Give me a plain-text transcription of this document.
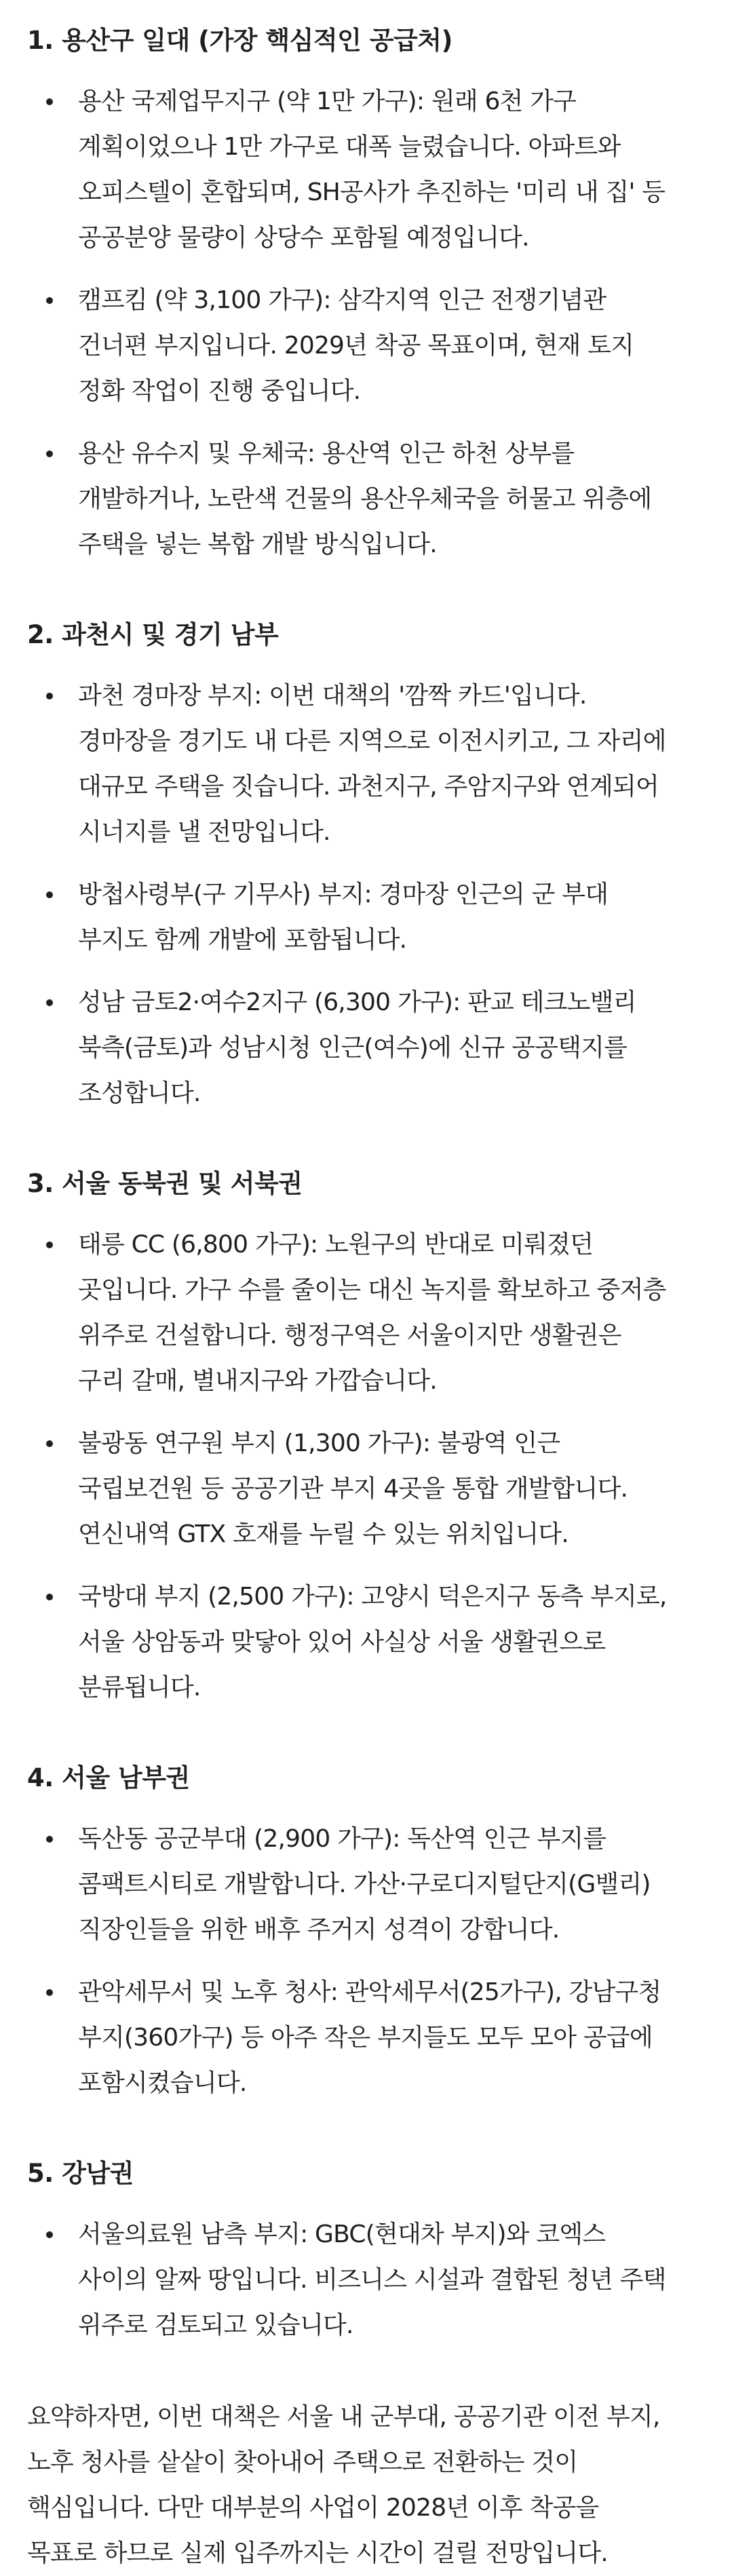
1. 용산구 일대 (가장 핵심적인 공급처)
용산 국제업무지구 (약 1만 가구): 원래 6천 가구
계획이었으나 1만 가구로 대폭 늘렸습니다. 아파트와
오피스텔이 혼합되며, SH공사가 추진하는 '미리 내 집' 등
공공분양 물량이 상당수 포함될 예정입니다.
캠프킴 (약 3,100 가구): 삼각지역 인근 전쟁기념관
건너편 부지입니다. 2029년 착공 목표이며, 현재 토지
정화 작업이 진행 중입니다.
용산 유수지 및 우체국: 용산역 인근 하천 상부를
개발하거나, 노란색 건물의 용산우체국을 허물고 위층에
주택을 넣는 복합 개발 방식입니다.
2. 과천시 및 경기 남부
과천 경마장 부지: 이번 대책의 '깜짝 카드'입니다.
경마장을 경기도 내 다른 지역으로 이전시키고, 그 자리에
대규모 주택을 짓습니다. 과천지구, 주암지구와 연계되어
시너지를 낼 전망입니다.
방첩사령부(구 기무사) 부지: 경마장 인근의 군 부대
부지도 함께 개발에 포함됩니다.
성남 금토2·여수2지구 (6,300 가구): 판교 테크노밸리
북측(금토)과 성남시청 인근(여수)에 신규 공공택지를
조성합니다.
3. 서울 동북권 및 서북권
태릉 CC (6,800 가구): 노원구의 반대로 미뤄졌던
곳입니다. 가구 수를 줄이는 대신 녹지를 확보하고 중저층
위주로 건설합니다. 행정구역은 서울이지만 생활권은
구리 갈매, 별내지구와 가깝습니다.
불광동 연구원 부지 (1,300 가구): 불광역 인근
국립보건원 등 공공기관 부지 4곳을 통합 개발합니다.
연신내역 GTX 호재를 누릴 수 있는 위치입니다.
국방대 부지 (2,500 가구): 고양시 덕은지구 동측 부지로,
서울 상암동과 맞닿아 있어 사실상 서울 생활권으로
분류됩니다.
4. 서울 남부권
독산동 공군부대 (2,900 가구): 독산역 인근 부지를
콤팩트시티로 개발합니다. 가산·구로디지털단지(G밸리)
직장인들을 위한 배후 주거지 성격이 강합니다.
관악세무서 및 노후 청사: 관악세무서(25가구), 강남구청
부지(360가구) 등 아주 작은 부지들도 모두 모아 공급에
포함시켰습니다.
5. 강남권
서울의료원 남측 부지: GBC(현대차 부지)와 코엑스
사이의 알짜 땅입니다. 비즈니스 시설과 결합된 청년 주택
위주로 검토되고 있습니다.
요약하자면, 이번 대책은 서울 내 군부대, 공공기관 이전 부지,
노후 청사를 샅샅이 찾아내어 주택으로 전환하는 것이
핵심입니다. 다만 대부분의 사업이 2028년 이후 착공을
목표로 하므로 실제 입주까지는 시간이 걸릴 전망입니다.
